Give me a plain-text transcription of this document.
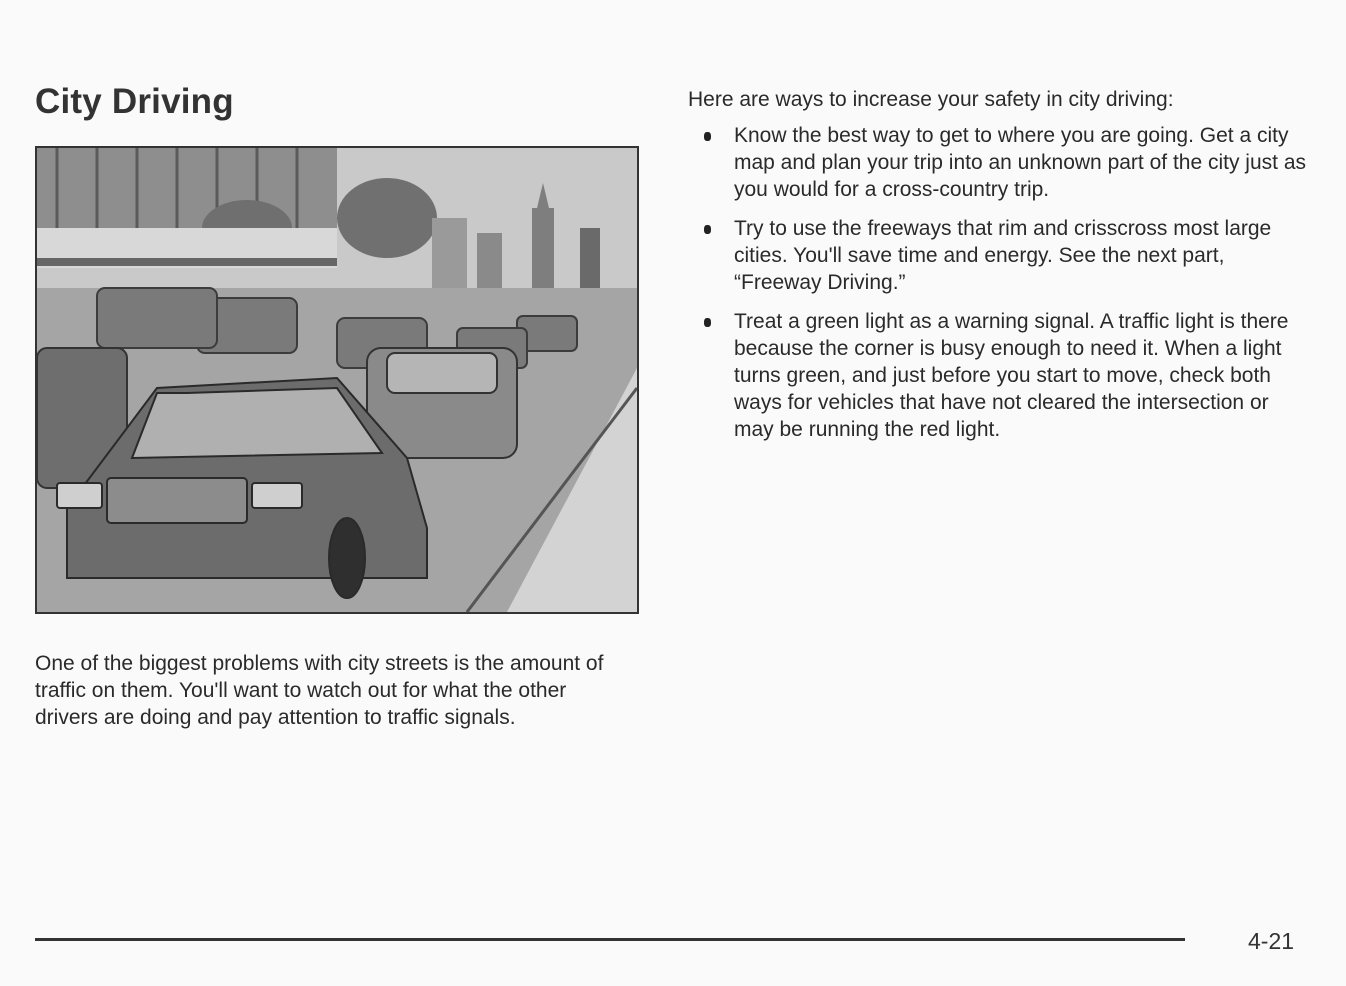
City Driving

One of the biggest problems with city streets is the amount of traffic on them. You'll want to watch out for what the other drivers are doing and pay attention to traffic signals.

Here are ways to increase your safety in city driving:

Know the best way to get to where you are going. Get a city map and plan your trip into an unknown part of the city just as you would for a cross-country trip.
Try to use the freeways that rim and crisscross most large cities. You'll save time and energy. See the next part, “Freeway Driving.”
Treat a green light as a warning signal. A traffic light is there because the corner is busy enough to need it. When a light turns green, and just before you start to move, check both ways for vehicles that have not cleared the intersection or may be running the red light.
4-21
